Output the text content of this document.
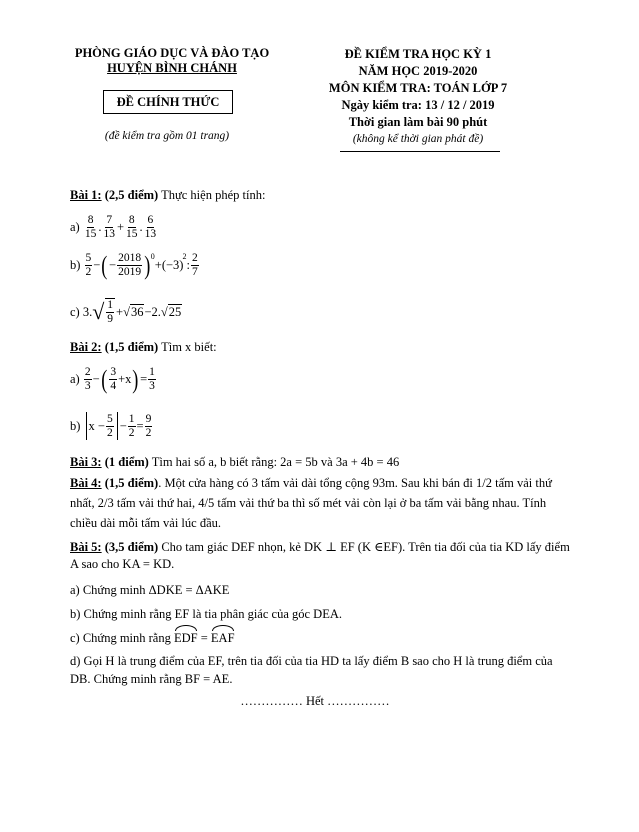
PHÒNG GIÁO DỤC VÀ ĐÀO TẠO
HUYỆN BÌNH CHÁNH
ĐỀ CHÍNH THỨC
(đề kiểm tra gồm 01 trang)
ĐỀ KIỂM TRA HỌC KỲ 1
NĂM HỌC 2019-2020
MÔN KIỂM TRA: TOÁN LỚP 7
Ngày kiểm tra: 13 / 12 / 2019
Thời gian làm bài 90 phút
(không kể thời gian phát đề)
Bài 1: (2,5 điểm) Thực hiện phép tính:
a)
$\frac{8}{15}$ . $\frac{7}{13} + \frac{8}{15}$ . $\frac{6}{13}$
b)
$\frac{5}{2}$ − ( − $\frac{2018}{2019}$ ) 0
+(−3)
2
: $\frac{2}{7}$
c)
3. √ $\frac{1}{9}$ + √ 36 −2. √ 25
Bài 2: (1,5 điểm) Tìm x biết:
a)
$\frac{2}{3}$ − ( $\frac{3}{4} +x$ ) = $\frac{1}{3}$
b)
$x - \frac{5}{2} - \frac{1}{2} = \frac{9}{2}$
Bài 3: (1 điểm) Tìm hai số a, b biết rằng: 2a = 5b và 3a + 4b = 46
Bài 4: (1,5 điểm). Một cửa hàng có 3 tấm vải dài tổng cộng 93m. Sau khi bán đi 1/2 tấm vải thứ nhất, 2/3 tấm vải thứ hai, 4/5 tấm vải thứ ba thì số mét vải còn lại ở ba tấm vải bằng nhau. Tính chiều dài mỗi tấm vải lúc đầu.
Bài 5: (3,5 điểm) Cho tam giác DEF nhọn, kẻ DK ⊥ EF (K ∈EF). Trên tia đối của tia KD lấy điểm A sao cho KA = KD.
a) Chứng minh ΔDKE = ΔAKE
b) Chứng minh rằng EF là tia phân giác của góc DEA.
c) Chứng minh rằng EDF = EAF
d) Gọi H là trung điểm của EF, trên tia đối của tia HD ta lấy điểm B sao cho H là trung điểm của DB. Chứng minh rằng BF = AE.
…………… Hết ……………
